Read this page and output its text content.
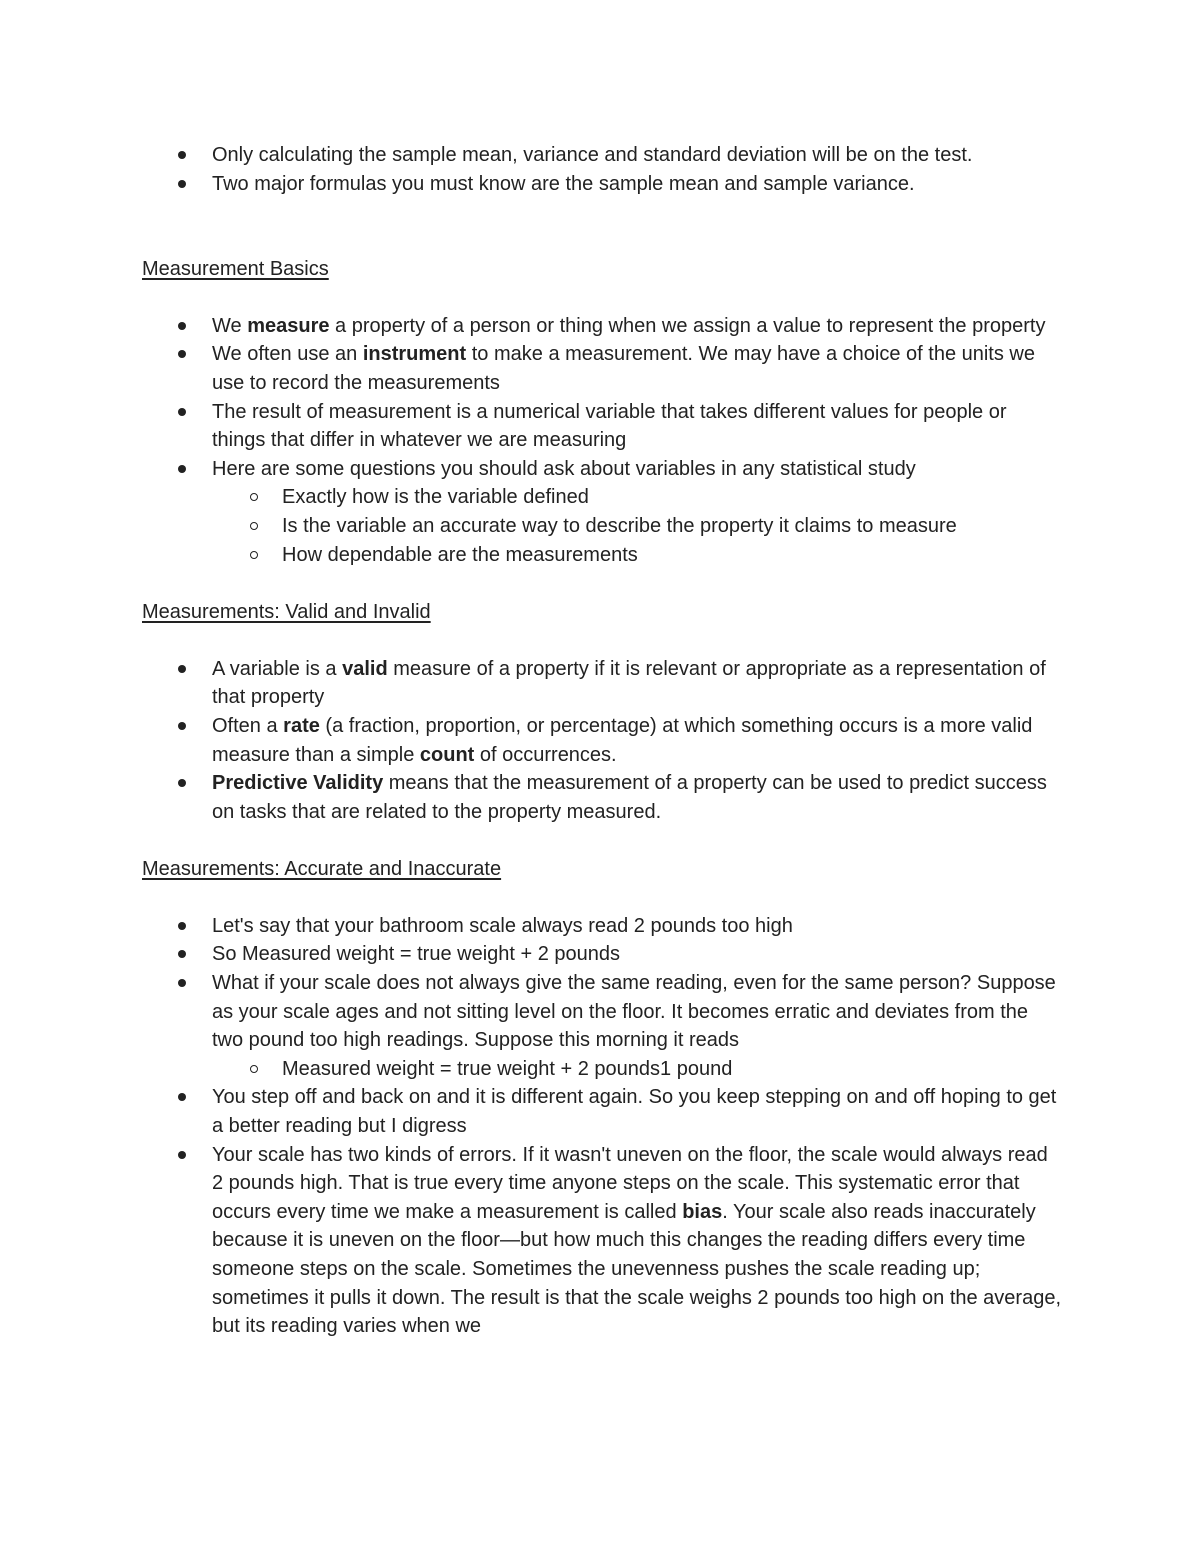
Only calculating the sample mean, variance and standard deviation will be on the test.
Two major formulas you must know are the sample mean and sample variance.
Measurement Basics
We measure a property of a person or thing when we assign a value to represent the property
We often use an instrument to make a measurement. We may have a choice of the units we use to record the measurements
The result of measurement is a numerical variable that takes different values for people or things that differ in whatever we are measuring
Here are some questions you should ask about variables in any statistical study
Exactly how is the variable defined
Is the variable an accurate way to describe the property it claims to measure
How dependable are the measurements
Measurements: Valid and Invalid
A variable is a valid measure of a property if it is relevant or appropriate as a representation of that property
Often a rate (a fraction, proportion, or percentage) at which something occurs is a more valid measure than a simple count of occurrences.
Predictive Validity means that the measurement of a property can be used to predict success on tasks that are related to the property measured.
Measurements: Accurate and Inaccurate
Let's say that your bathroom scale always read 2 pounds too high
So Measured weight = true weight + 2 pounds
What if your scale does not always give the same reading, even for the same person? Suppose as your scale ages and not sitting level on the floor. It becomes erratic and deviates from the two pound too high readings. Suppose this morning it reads
Measured weight = true weight + 2 pounds1 pound
You step off and back on and it is different again. So you keep stepping on and off hoping to get a better reading but I digress
Your scale has two kinds of errors. If it wasn't uneven on the floor, the scale would always read 2 pounds high. That is true every time anyone steps on the scale. This systematic error that occurs every time we make a measurement is called bias. Your scale also reads inaccurately because it is uneven on the floor—but how much this changes the reading differs every time someone steps on the scale. Sometimes the unevenness pushes the scale reading up; sometimes it pulls it down. The result is that the scale weighs 2 pounds too high on the average, but its reading varies when we
